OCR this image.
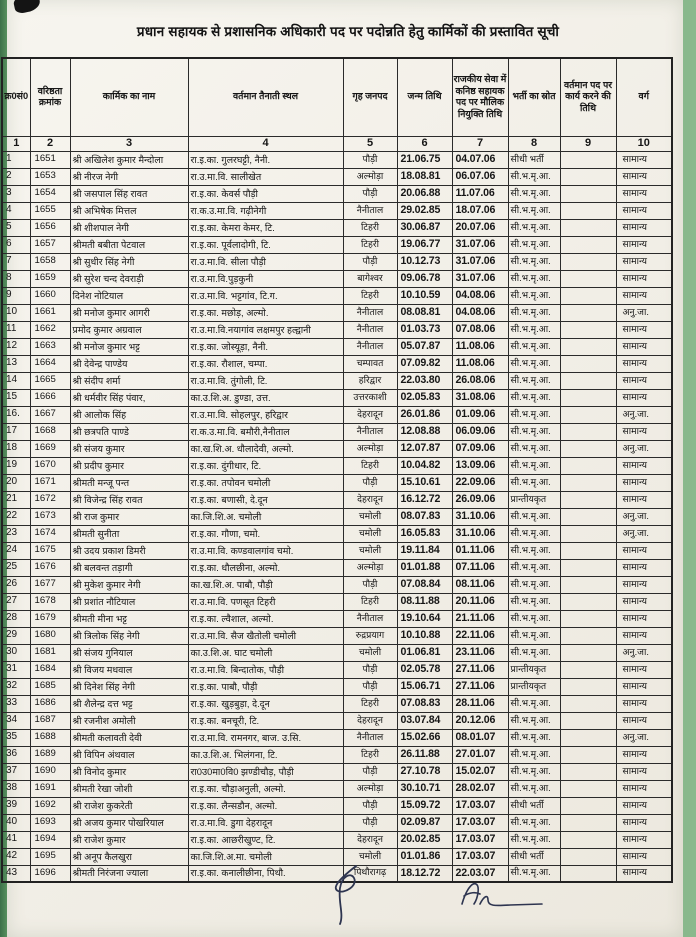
प्रधान सहायक से प्रशासनिक अधिकारी पद पर पदोन्नति हेतु कार्मिकों की प्रस्तावित सूची
क्र0सं0	वरिष्ठता क्रमांक	कार्मिक का नाम	वर्तमान तैनाती स्थल	गृह जनपद	जन्म तिथि	राजकीय सेवा में कनिष्ठ सहायक पद पर मौलिक नियुक्ति तिथि	भर्ती का स्रोत	वर्तमान पद पर कार्य करने की तिथि	वर्ग
1	2	3	4	5	6	7	8	9	10
1	1651	श्री अखिलेश कुमार मैन्दोला	रा.इ.का. गुलरघट्टी, नैनी.	पौड़ी	21.06.75	04.07.06	सीधी भर्ती		सामान्य
2	1653	श्री नीरज नेगी	रा.उ.मा.वि. सालीखेत	अल्मोड़ा	18.08.81	06.07.06	सी.भ.मृ.आ.		सामान्य
3	1654	श्री जसपाल सिंह रावत	रा.इ.का. केवर्स पौड़ी	पौड़ी	20.06.88	11.07.06	सी.भ.मृ.आ.		सामान्य
4	1655	श्री अभिषेक मित्तल	रा.क.उ.मा.वि. गढ़ीनेगी	नैनीताल	29.02.85	18.07.06	सी.भ.मृ.आ.		सामान्य
5	1656	श्री शीशपाल नेगी	रा.इ.का. केमरा केमर, टि.	टिहरी	30.06.87	20.07.06	सी.भ.मृ.आ.		सामान्य
6	1657	श्रीमती बबीता पेटवाल	रा.इ.का. पूर्वलादोगी, टि.	टिहरी	19.06.77	31.07.06	सी.भ.मृ.आ.		सामान्य
7	1658	श्री सुधीर सिंह नेगी	रा.उ.मा.वि. सीला पौड़ी	पौड़ी	10.12.73	31.07.06	सी.भ.मृ.आ.		सामान्य
8	1659	श्री सुरेश चन्द देवराड़ी	रा.उ.मा.वि.पुड़कुनी	बागेश्वर	09.06.78	31.07.06	सी.भ.मृ.आ.		सामान्य
9	1660	दिनेश नोटियाल	रा.उ.मा.वि. भट्टगांव, टि.ग.	टिहरी	10.10.59	04.08.06	सी.भ.मृ.आ.		सामान्य
10	1661	श्री मनोज कुमार आगरी	रा.इ.का. मछोड़, अल्मो.	नैनीताल	08.08.81	04.08.06	सी.भ.मृ.आ.		अनु.जा.
11	1662	प्रमोद कुमार अग्रवाल	रा.उ.मा.वि.नयागांव लक्षमपुर हल्द्वानी	नैनीताल	01.03.73	07.08.06	सी.भ.मृ.आ.		सामान्य
12	1663	श्री मनोज कुमार भट्ट	रा.इ.का. जोस्यूड़ा, नैनी.	नैनीताल	05.07.87	11.08.06	सी.भ.मृ.आ.		सामान्य
13	1664	श्री देवेन्द्र पाण्डेय	रा.इ.का. रौशाल, चम्पा.	चम्पावत	07.09.82	11.08.06	सी.भ.मृ.आ.		सामान्य
14	1665	श्री संदीप शर्मा	रा.उ.मा.वि. तुंगोली, टि.	हरिद्वार	22.03.80	26.08.06	सी.भ.मृ.आ.		सामान्य
15	1666	श्री धर्मवीर सिंह पंवार,	का.उ.शि.अ. डुण्डा, उत्त.	उत्तरकाशी	02.05.83	31.08.06	सी.भ.मृ.आ.		सामान्य
16.	1667	श्री आलोक सिंह	रा.उ.मा.वि. सोहलपुर, हरिद्वार	देहरादून	26.01.86	01.09.06	सी.भ.मृ.आ.		अनु.जा.
17	1668	श्री छत्रपति पाण्डे	रा.क.उ.मा.वि. बमौरी,नैनीताल	नैनीताल	12.08.88	06.09.06	सी.भ.मृ.आ.		सामान्य
18	1669	श्री संजय कुमार	का.ख.शि.अ. धौलादेवी, अल्मो.	अल्मोड़ा	12.07.87	07.09.06	सी.भ.मृ.आ.		अनु.जा.
19	1670	श्री प्रदीप कुमार	रा.इ.का. दुंगीधार, टि.	टिहरी	10.04.82	13.09.06	सी.भ.मृ.आ.		सामान्य
20	1671	श्रीमती मन्जू पन्त	रा.इ.का. तपोवन चमोली	पौड़ी	15.10.61	22.09.06	सी.भ.मृ.आ.		सामान्य
21	1672	श्री विजेन्द्र सिंह रावत	रा.इ.का. बणासी, दे.दून	देहरादून	16.12.72	26.09.06	प्रान्तीयकृत		सामान्य
22	1673	श्री राज कुमार	का.जि.शि.अ. चमोली	चमोली	08.07.83	31.10.06	सी.भ.मृ.आ.		अनु.जा.
23	1674	श्रीमती सुनीता	रा.इ.का. गौणा, चमो.	चमोली	16.05.83	31.10.06	सी.भ.मृ.आ.		अनु.जा.
24	1675	श्री उदय प्रकाश डिमरी	रा.उ.मा.वि. कण्डवालगांव चमो.	चमोली	19.11.84	01.11.06	सी.भ.मृ.आ.		सामान्य
25	1676	श्री बलवन्त तड़ागी	रा.इ.का. धौलछीना, अल्मो.	अल्मोड़ा	01.01.88	07.11.06	सी.भ.मृ.आ.		सामान्य
26	1677	श्री मुकेश कुमार नेगी	का.ख.शि.अ. पाबौ, पौड़ी	पौड़ी	07.08.84	08.11.06	सी.भ.मृ.आ.		सामान्य
27	1678	श्री प्रशांत नौटियाल	रा.उ.मा.वि. पणसूत टिहरी	टिहरी	08.11.88	20.11.06	सी.भ.मृ.आ.		सामान्य
28	1679	श्रीमती मीना भट्ट	रा.इ.का. ल्वैशाल, अल्मो.	नैनीताल	19.10.64	21.11.06	सी.भ.मृ.आ.		सामान्य
29	1680	श्री त्रिलोक सिंह नेगी	रा.उ.मा.वि. सैज खैतोली चमोली	रुद्रप्रयाग	10.10.88	22.11.06	सी.भ.मृ.आ.		सामान्य
30	1681	श्री संजय गुनियाल	का.उ.शि.अ. घाट चमोली	चमोली	01.06.81	23.11.06	सी.भ.मृ.आ.		अनु.जा.
31	1684	श्री विजय मधवाल	रा.उ.मा.वि. बिन्दातोक, पौड़ी	पौड़ी	02.05.78	27.11.06	प्रान्तीयकृत		सामान्य
32	1685	श्री दिनेश सिंह नेगी	रा.इ.का. पाबौ, पौड़ी	पौड़ी	15.06.71	27.11.06	प्रान्तीयकृत		सामान्य
33	1686	श्री शैलेन्द्र दत्त भट्ट	रा.इ.का. खुड़बुड़ा, दे.दून	टिहरी	07.08.83	28.11.06	सी.भ.मृ.आ.		सामान्य
34	1687	श्री रजनीश अमोली	रा.इ.का. बनचूरी, टि.	देहरादून	03.07.84	20.12.06	सी.भ.मृ.आ.		सामान्य
35	1688	श्रीमती कलावती देवी	रा.उ.मा.वि. रामनगर, बाज. उ.सि.	नैनीताल	15.02.66	08.01.07	सी.भ.मृ.आ.		अनु.जा.
36	1689	श्री विपिन अंथवाल	का.उ.शि.अ. भिलंगना, टि.	टिहरी	26.11.88	27.01.07	सी.भ.मृ.आ.		सामान्य
37	1690	श्री विनोद कुमार	रा0उ0मा0वि0 झण्डीचौड़, पौड़ी	पौड़ी	27.10.78	15.02.07	सी.भ.मृ.आ.		सामान्य
38	1691	श्रीमती रेखा जोशी	रा.इ.का. चौड़ाअनुली, अल्मो.	अल्मोड़ा	30.10.71	28.02.07	सी.भ.मृ.आ.		सामान्य
39	1692	श्री राजेश कुकरेती	रा.इ.का. लैन्सडौन, अल्मो.	पौड़ी	15.09.72	17.03.07	सीधी भर्ती		सामान्य
40	1693	श्री अजय कुमार पोखरियाल	रा.उ.मा.वि. डुगा देहरादून	पौड़ी	02.09.87	17.03.07	सी.भ.मृ.आ.		सामान्य
41	1694	श्री राजेश कुमार	रा.इ.का. आछरीखुण्ट, टि.	देहरादून	20.02.85	17.03.07	सी.भ.मृ.आ.		सामान्य
42	1695	श्री अनूप कैलखुरा	का.जि.शि.अ.मा. चमोली	चमोली	01.01.86	17.03.07	सीधी भर्ती		सामान्य
43	1696	श्रीमती निरंजना ज्याला	रा.इ.का. कनालीछीना, पिथौ.	पिथौरागढ़	18.12.72	22.03.07	सी.भ.मृ.आ.		सामान्य
